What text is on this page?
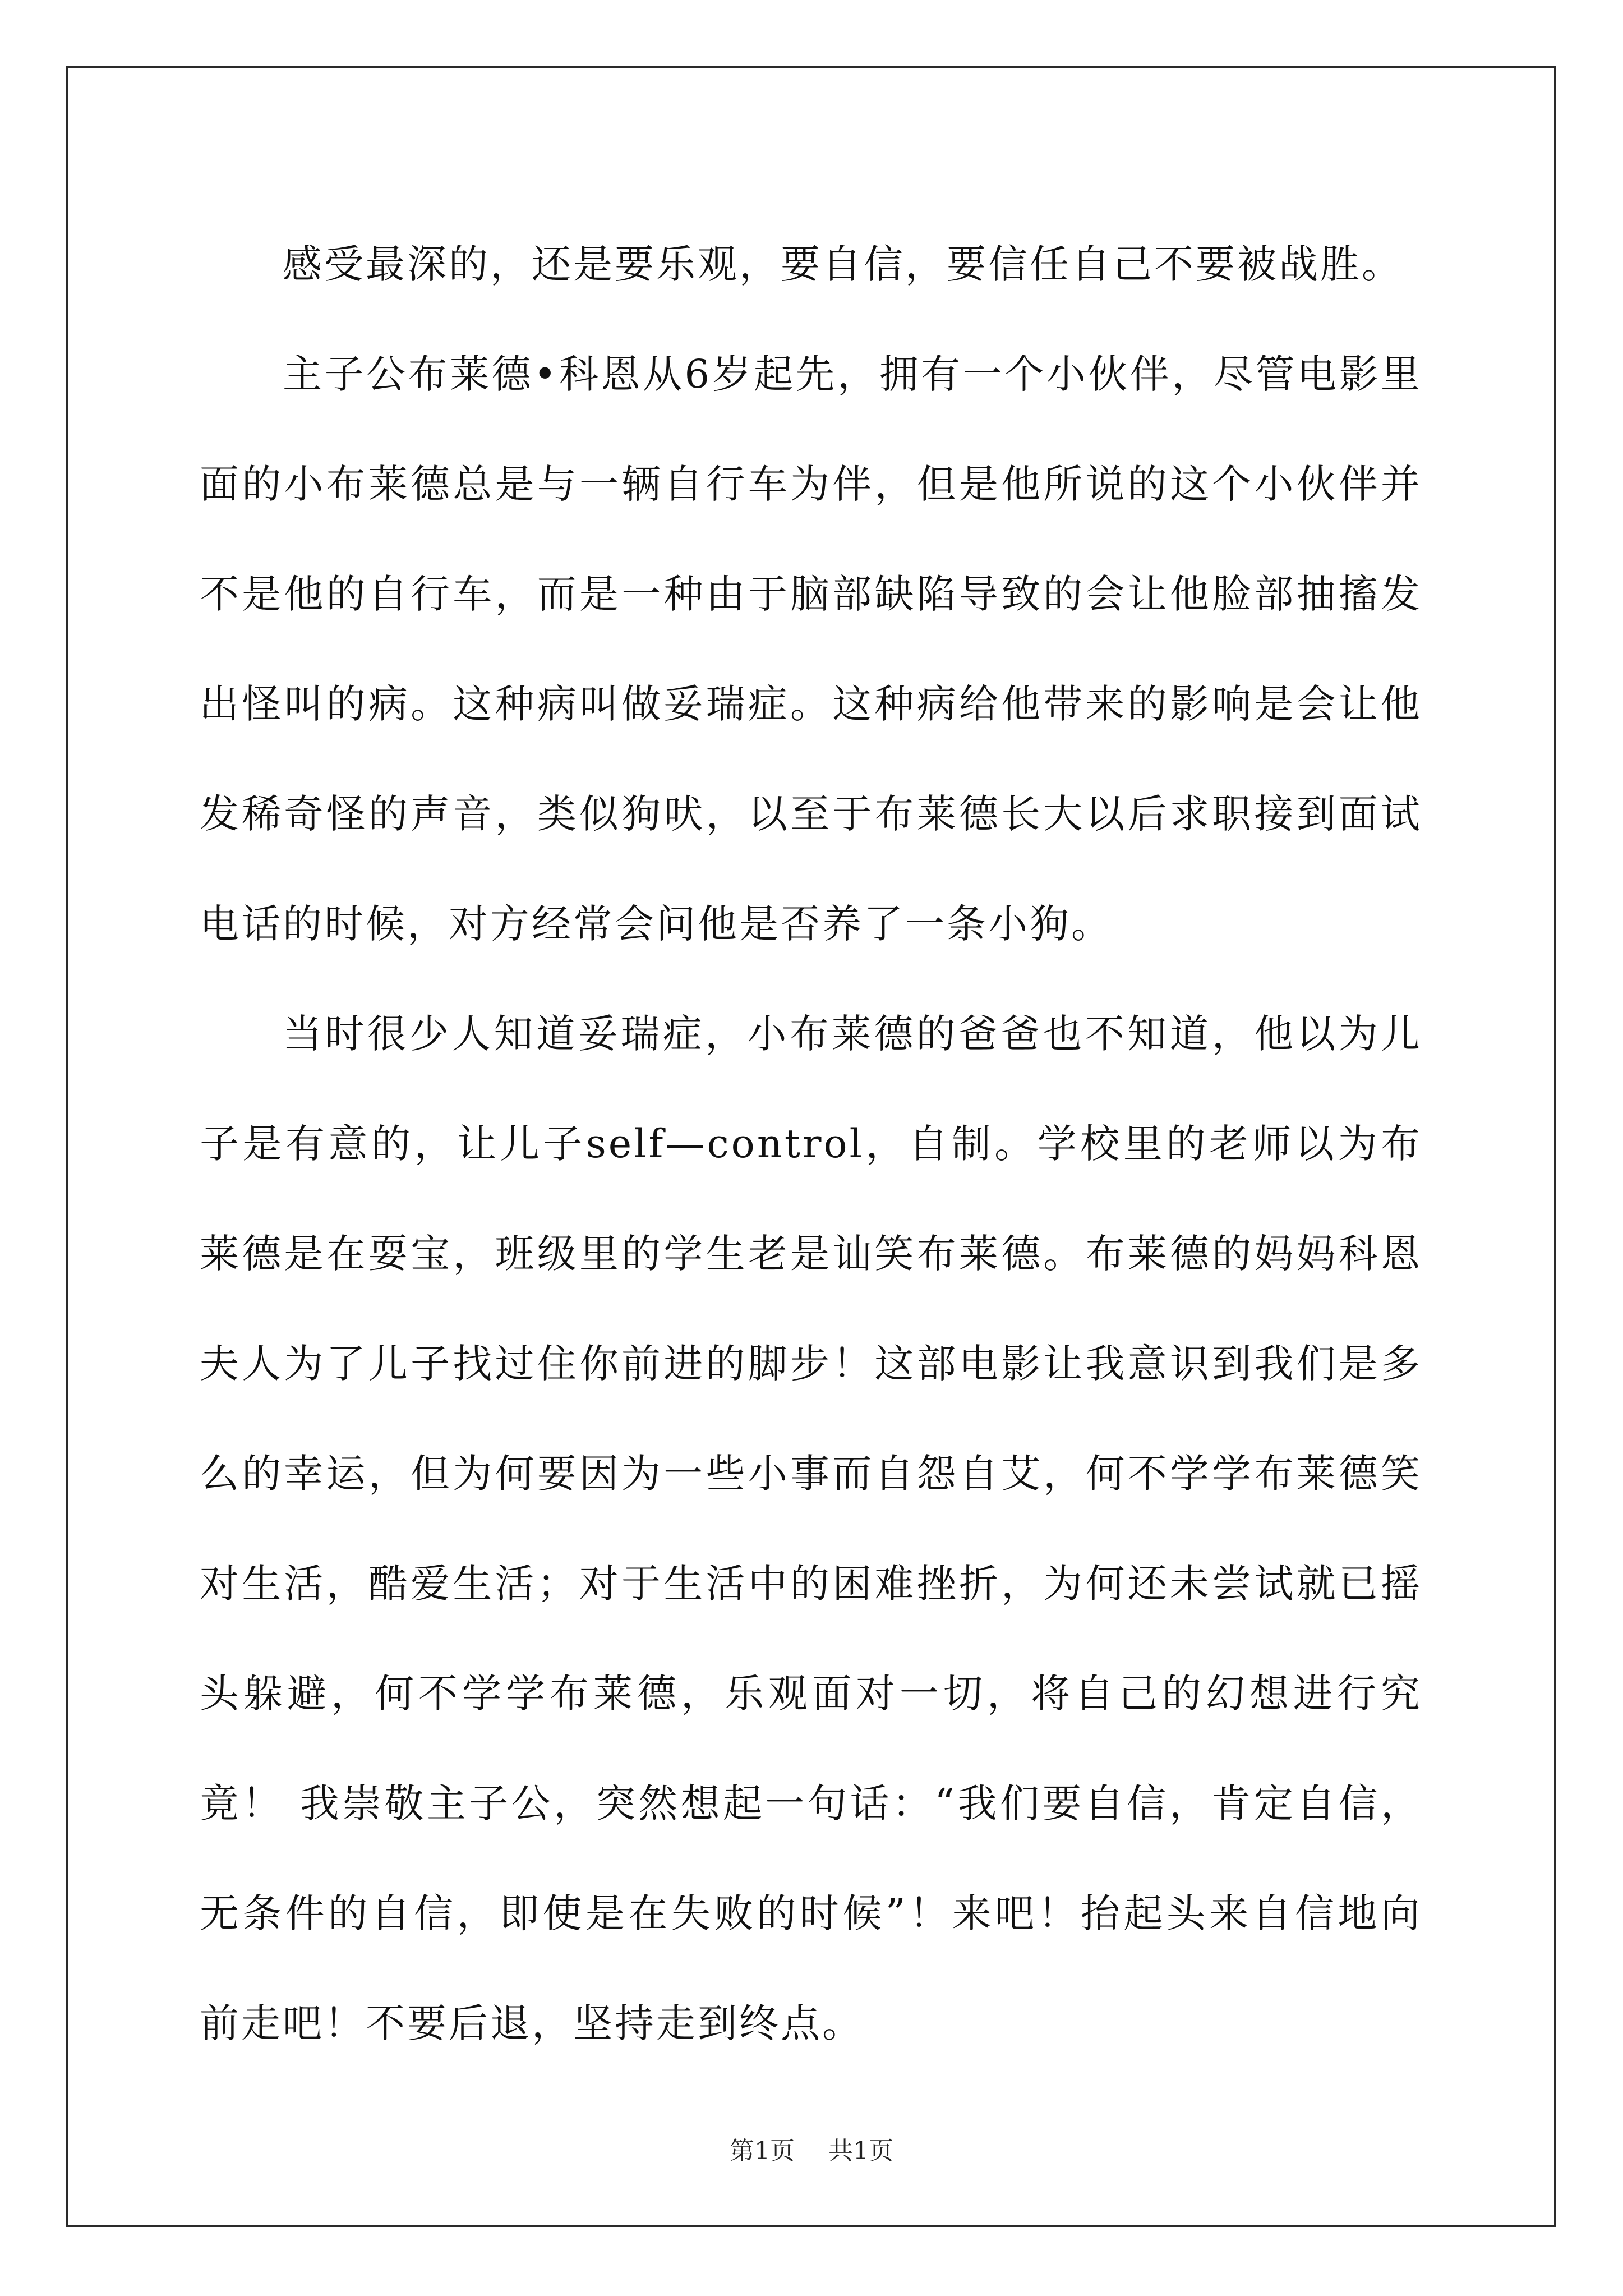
感受最深的，还是要乐观，要自信，要信任自己不要被战胜。

主子公布莱德•科恩从6岁起先，拥有一个小伙伴，尽管电影里面的小布莱德总是与一辆自行车为伴，但是他所说的这个小伙伴并不是他的自行车，而是一种由于脑部缺陷导致的会让他脸部抽搐发出怪叫的病。这种病叫做妥瑞症。这种病给他带来的影响是会让他发稀奇怪的声音，类似狗吠，以至于布莱德长大以后求职接到面试电话的时候，对方经常会问他是否养了一条小狗。

当时很少人知道妥瑞症，小布莱德的爸爸也不知道，他以为儿子是有意的，让儿子self—control，自制。学校里的老师以为布莱德是在耍宝，班级里的学生老是讪笑布莱德。布莱德的妈妈科恩夫人为了儿子找过住你前进的脚步！这部电影让我意识到我们是多么的幸运，但为何要因为一些小事而自怨自艾，何不学学布莱德笑对生活，酷爱生活；对于生活中的困难挫折，为何还未尝试就已摇头躲避，何不学学布莱德，乐观面对一切，将自己的幻想进行究竟！ 我崇敬主子公，突然想起一句话：“我们要自信，肯定自信，无条件的自信，即使是在失败的时候”！来吧！抬起头来自信地向前走吧！不要后退，坚持走到终点。

第1页 共1页
